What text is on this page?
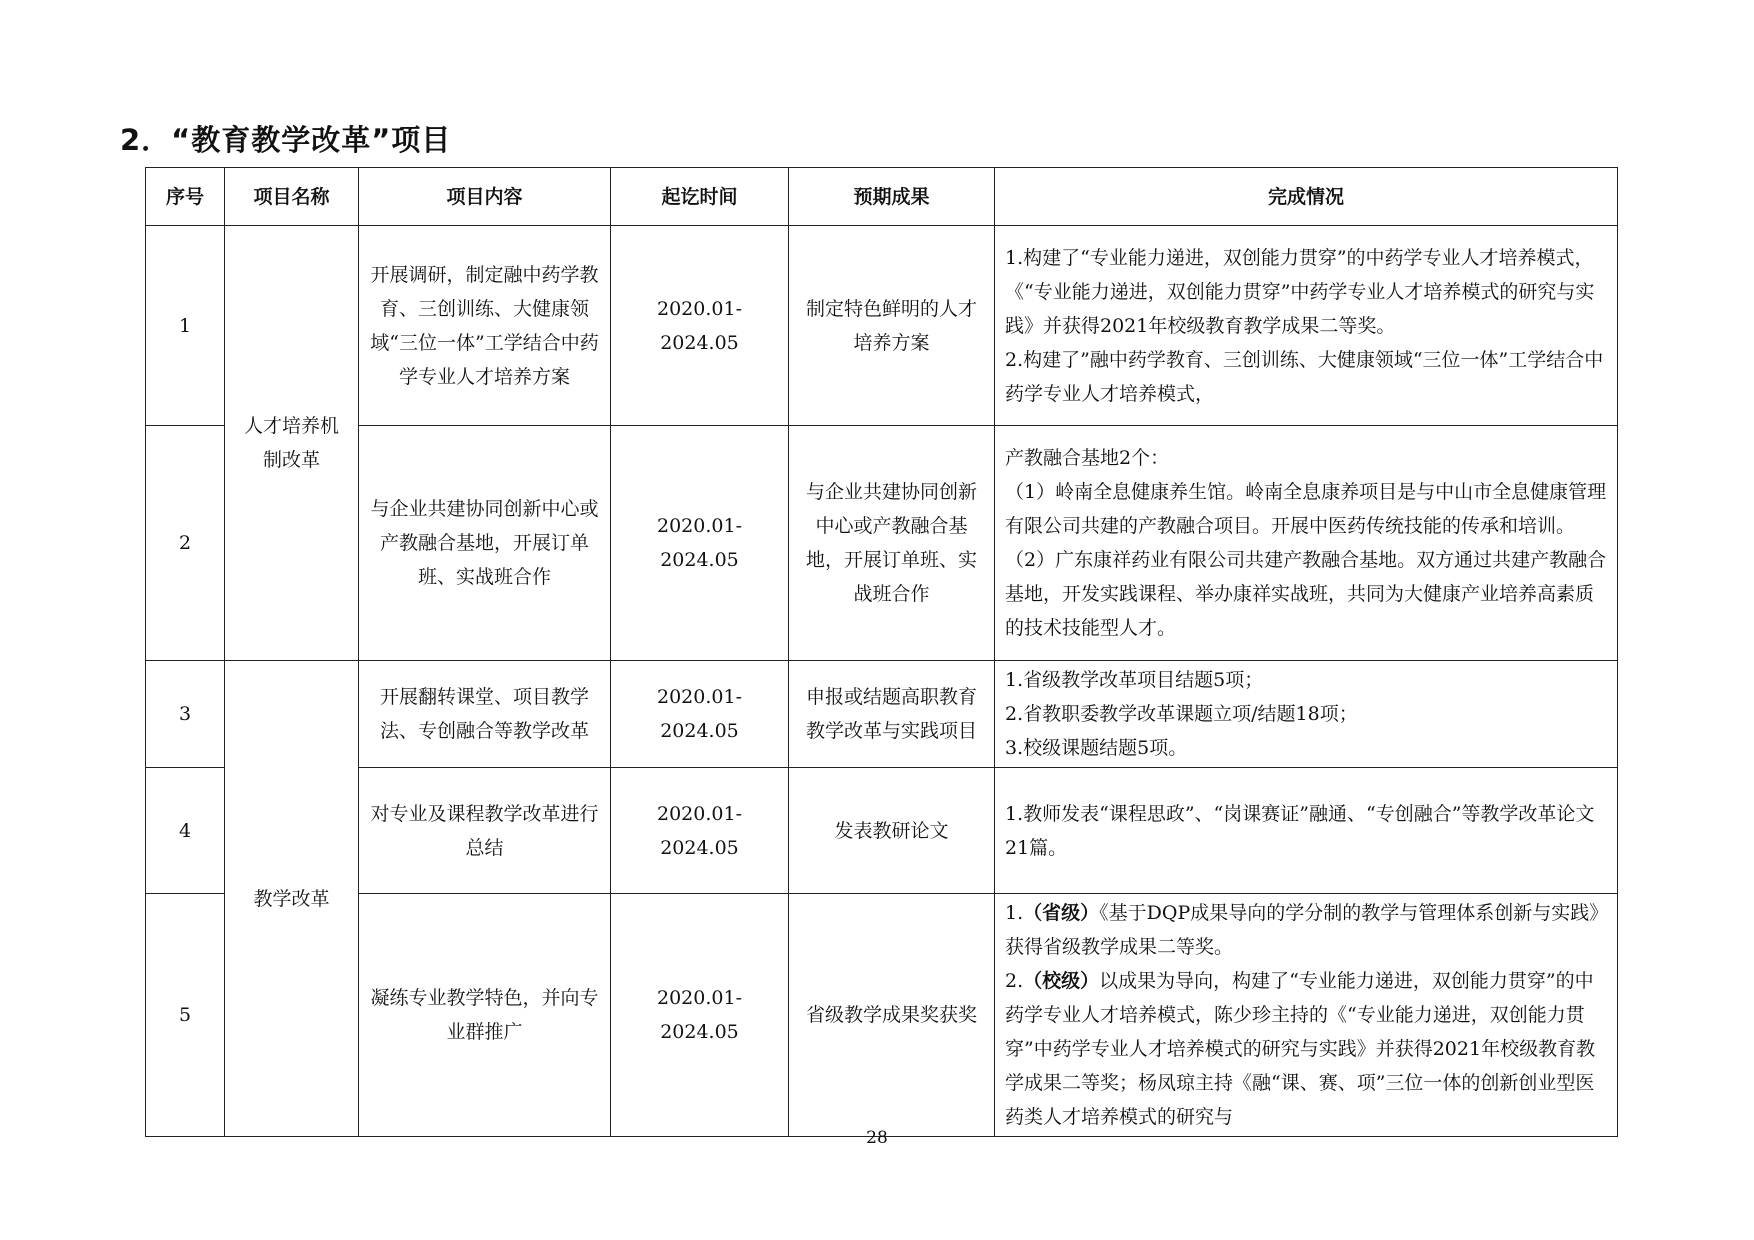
2．“教育教学改革”项目
序号	项目名称	项目内容	起讫时间	预期成果	完成情况
1	人才培养机制改革	开展调研，制定融中药学教育、三创训练、大健康领域“三位一体”工学结合中药学专业人才培养方案	2020.01-2024.05	制定特色鲜明的人才培养方案	1.构建了“专业能力递进，双创能力贯穿”的中药学专业人才培养模式，《“专业能力递进，双创能力贯穿”中药学专业人才培养模式的研究与实践》并获得2021年校级教育教学成果二等奖。
2.构建了”融中药学教育、三创训练、大健康领域“三位一体”工学结合中药学专业人才培养模式，

2		与企业共建协同创新中心或产教融合基地，开展订单班、实战班合作	2020.01-2024.05	与企业共建协同创新中心或产教融合基地，开展订单班、实战班合作	产教融合基地2个：
（1）岭南全息健康养生馆。岭南全息康养项目是与中山市全息健康管理有限公司共建的产教融合项目。开展中医药传统技能的传承和培训。
（2）广东康祥药业有限公司共建产教融合基地。双方通过共建产教融合基地，开发实践课程、举办康祥实战班，共同为大健康产业培养高素质的技术技能型人才。

3	教学改革	开展翻转课堂、项目教学法、专创融合等教学改革	2020.01-2024.05	申报或结题高职教育教学改革与实践项目	1.省级教学改革项目结题5项；
2.省教职委教学改革课题立项/结题18项；
3.校级课题结题5项。

4		对专业及课程教学改革进行总结	2020.01-2024.05	发表教研论文	1.教师发表“课程思政”、“岗课赛证”融通、“专创融合”等教学改革论文21篇。

5		凝练专业教学特色，并向专业群推广	2020.01-2024.05	省级教学成果奖获奖	1.（省级）《基于DQP成果导向的学分制的教学与管理体系创新与实践》获得省级教学成果二等奖。
2.（校级）以成果为导向，构建了“专业能力递进，双创能力贯穿”的中药学专业人才培养模式，陈少珍主持的《“专业能力递进，双创能力贯穿”中药学专业人才培养模式的研究与实践》并获得2021年校级教育教学成果二等奖；杨凤琼主持《融“课、赛、项”三位一体的创新创业型医药类人才培养模式的研究与
28
